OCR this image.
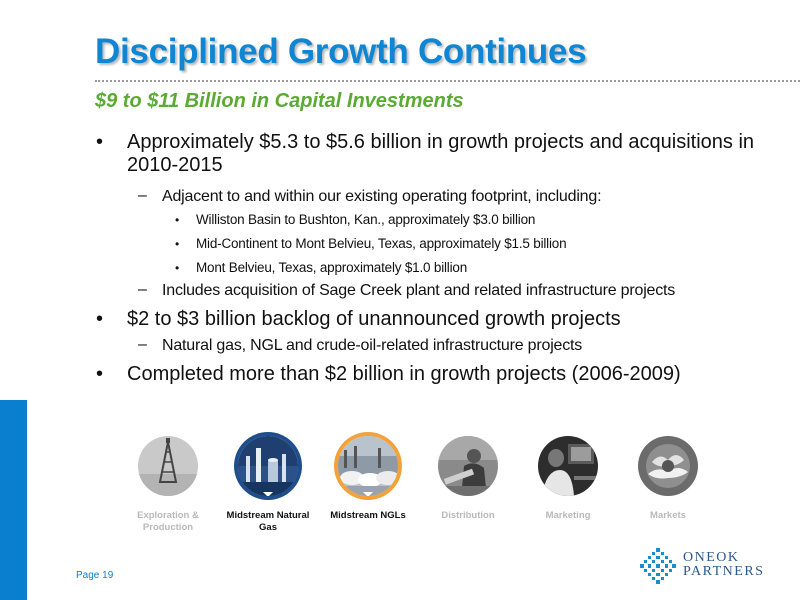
Disciplined Growth Continues
$9 to $11 Billion in Capital Investments
• Approximately $5.3 to $5.6 billion in growth projects and acquisitions in 2010-2015
– Adjacent to and within our existing operating footprint, including:
• Williston Basin to Bushton, Kan., approximately $3.0 billion
• Mid-Continent to Mont Belvieu, Texas, approximately $1.5 billion
• Mont Belvieu, Texas, approximately $1.0 billion
– Includes acquisition of Sage Creek plant and related infrastructure projects
• $2 to $3 billion backlog of unannounced growth projects
– Natural gas, NGL and crude-oil-related infrastructure projects
• Completed more than $2 billion in growth projects (2006-2009)
Exploration & Production
Midstream Natural Gas
Midstream NGLs	Distribution	Marketing	Markets
Page 19
ONEOK
PARTNERS
